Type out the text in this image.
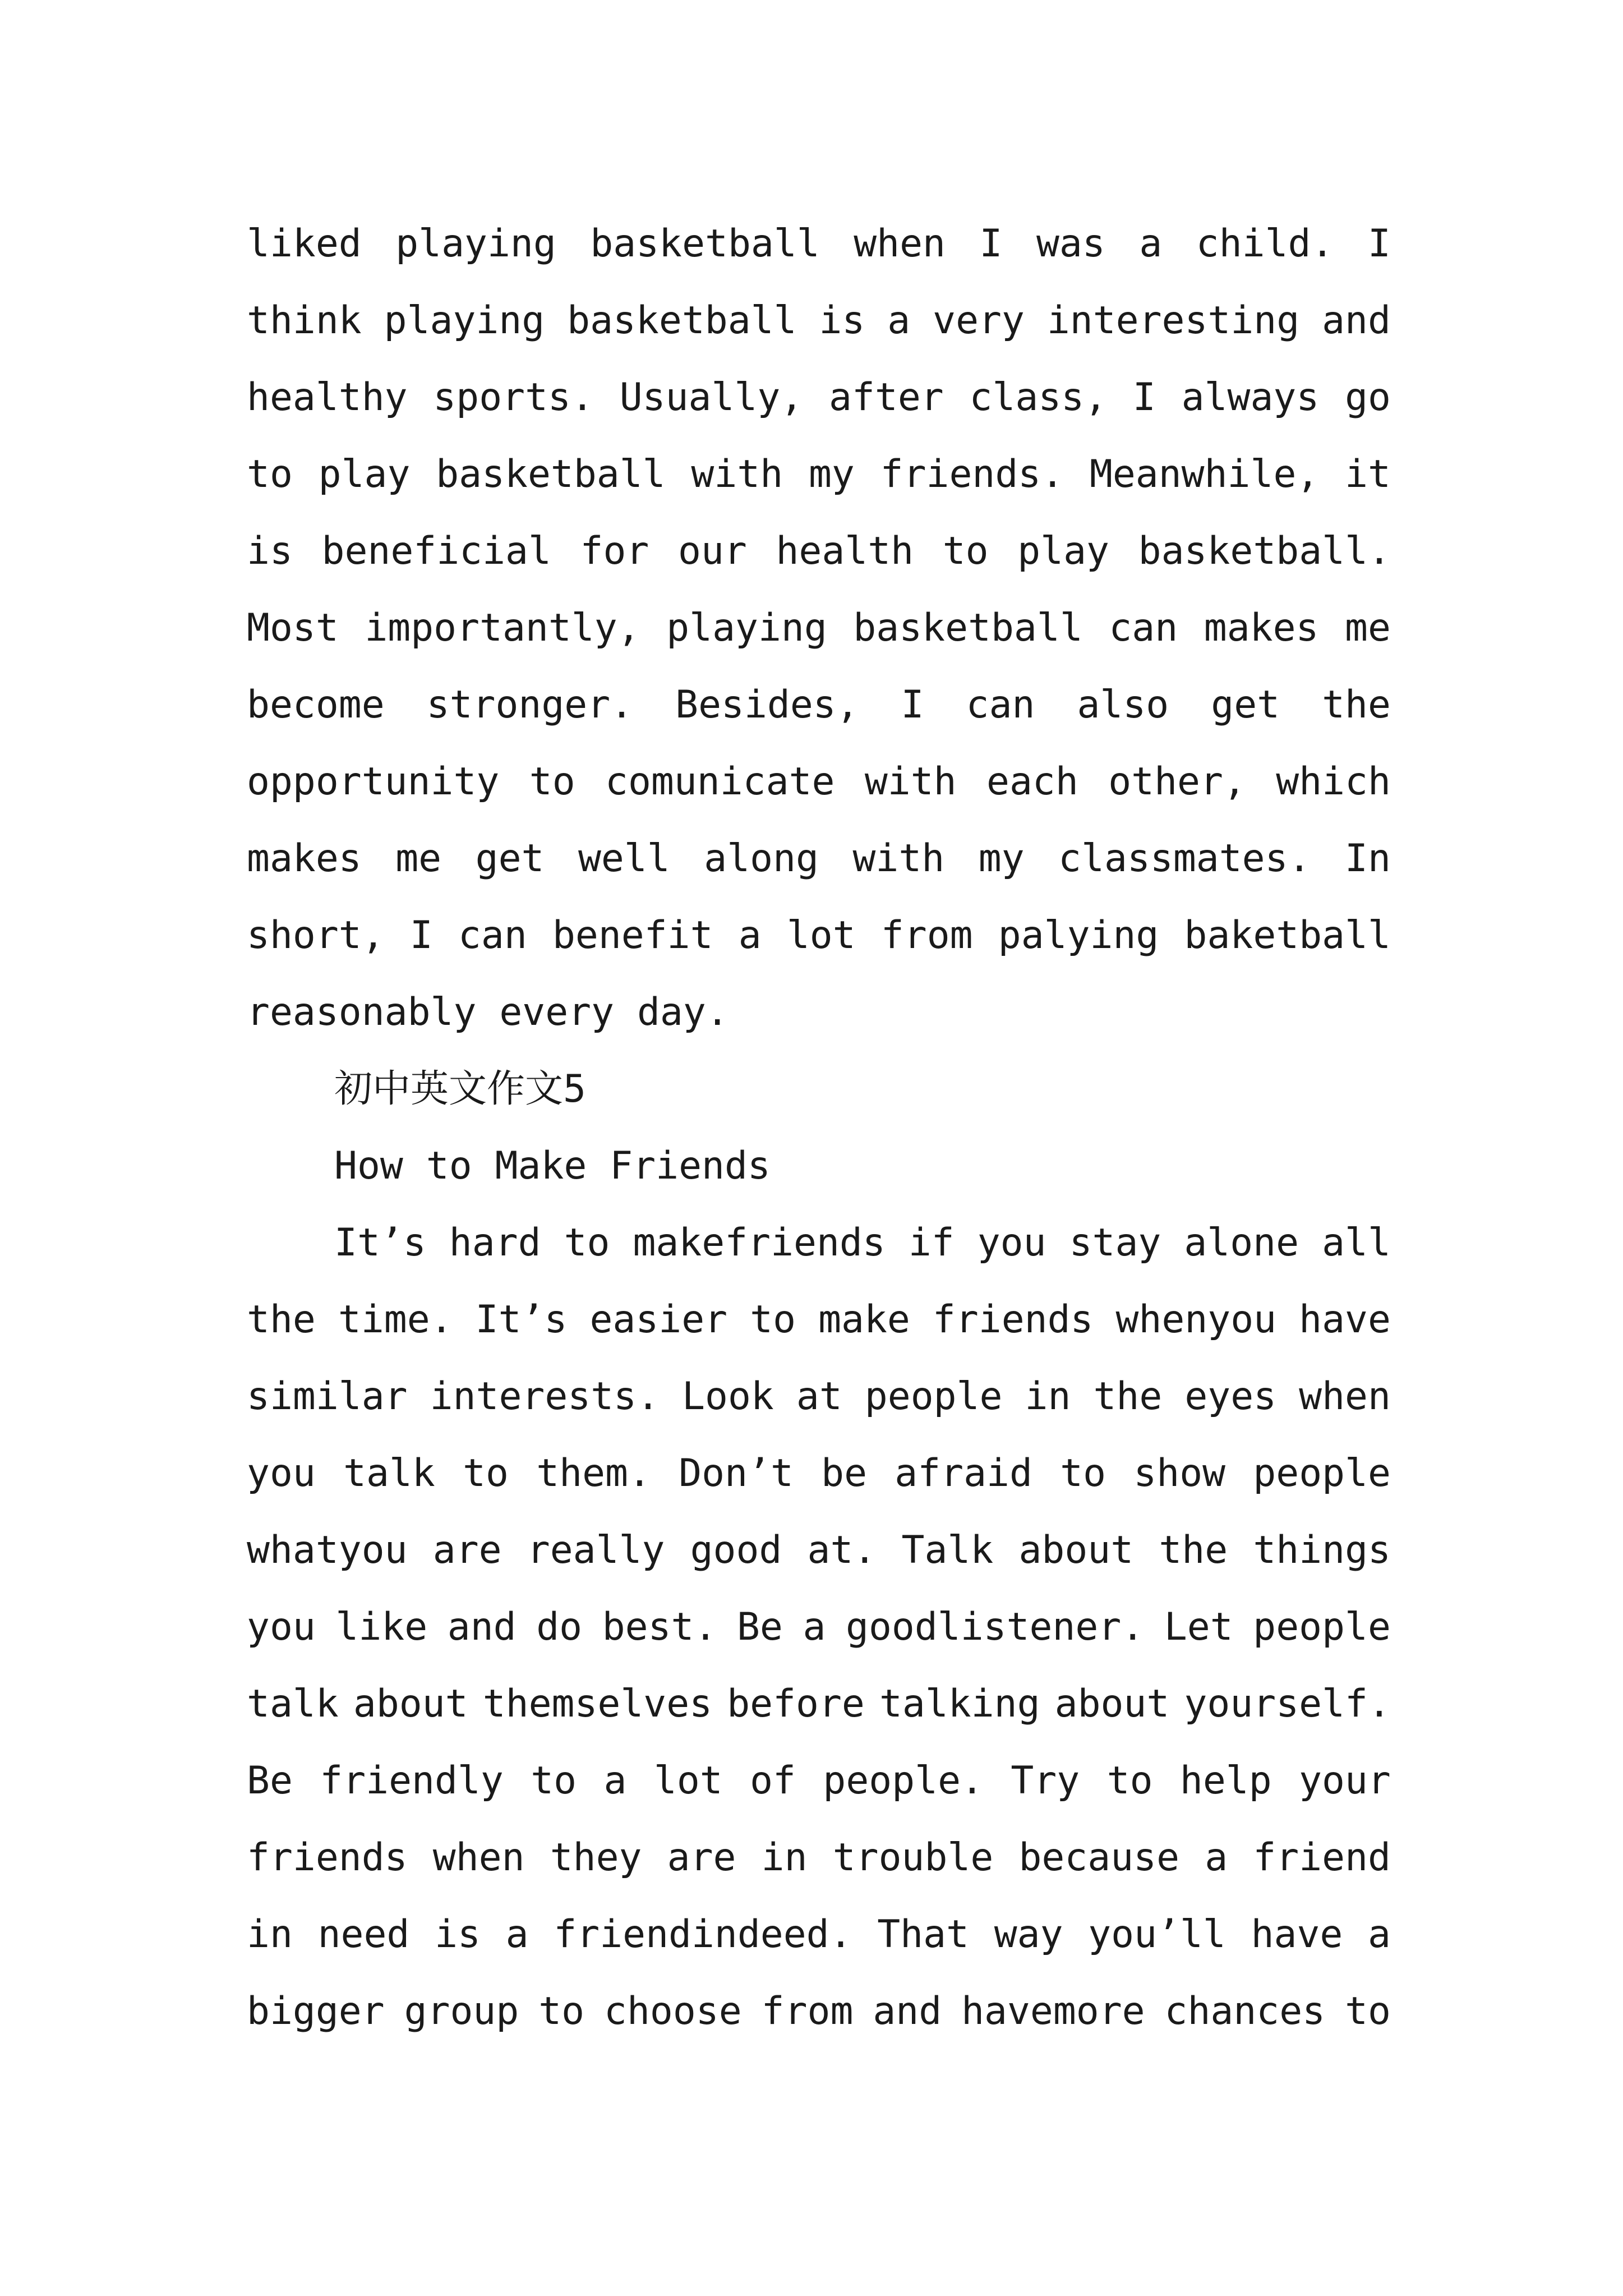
liked playing basketball when I was a child. I
think playing basketball is a very interesting and
healthy sports. Usually, after class, I always go
to play basketball with my friends. Meanwhile, it
is beneficial for our health to play basketball.
Most importantly, playing basketball can makes me
become stronger. Besides, I can also get the
opportunity to comunicate with each other, which
makes me get well along with my classmates. In
short, I can benefit a lot from palying baketball
reasonably every day.
初中英文作文5
How to Make Friends
It’s hard to makefriends if you stay alone all
the time. It’s easier to make friends whenyou have
similar interests. Look at people in the eyes when
you talk to them. Don’t be afraid to show people
whatyou are really good at. Talk about the things
you like and do best. Be a goodlistener. Let people
talk about themselves before talking about yourself.
Be friendly to a lot of people. Try to help your
friends when they are in trouble because a friend
in need is a friendindeed. That way you’ll have a
bigger group to choose from and havemore chances to
